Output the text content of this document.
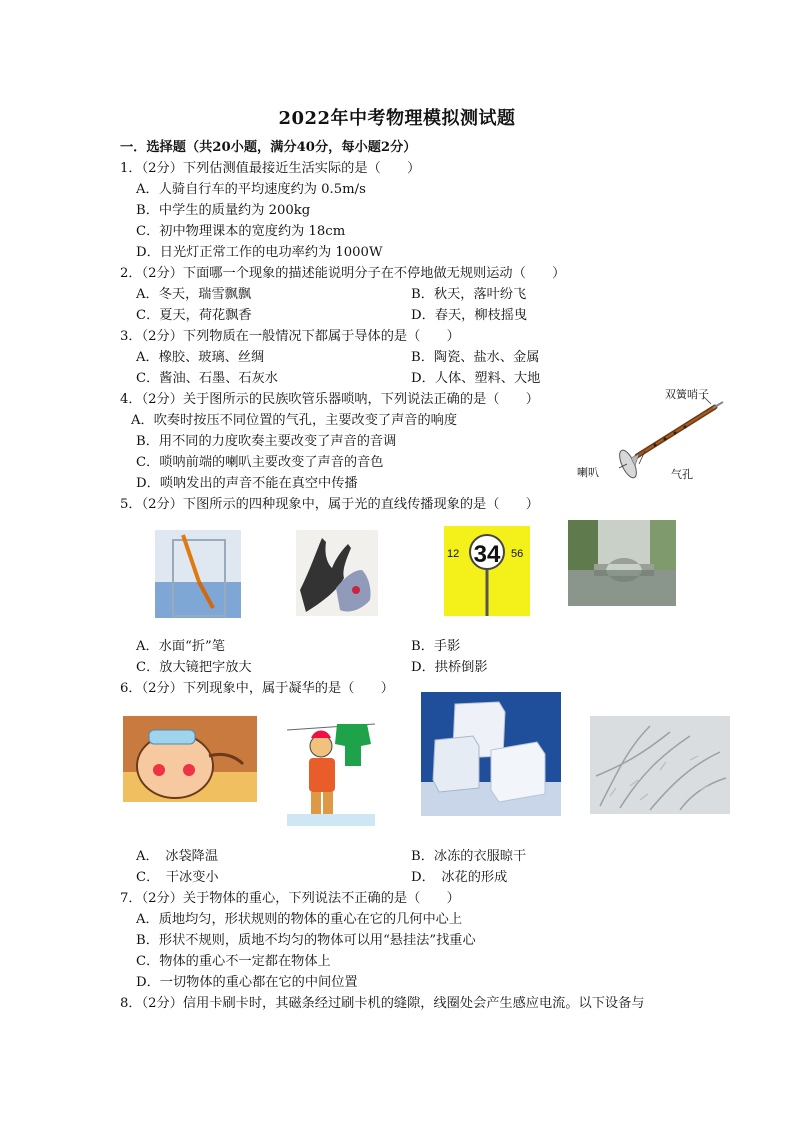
2022年中考物理模拟测试题
一．选择题（共20小题，满分40分，每小题2分）
1．（2分）下列估测值最接近生活实际的是（　　）
A．人骑自行车的平均速度约为 0.5m/s
B．中学生的质量约为 200kg
C．初中物理课本的宽度约为 18cm
D．日光灯正常工作的电功率约为 1000W
2．（2分）下面哪一个现象的描述能说明分子在不停地做无规则运动（　　）
A．冬天，瑞雪飘飘	B．秋天，落叶纷飞
C．夏天，荷花飘香	D．春天，柳枝摇曳
3．（2分）下列物质在一般情况下都属于导体的是（　　）
A．橡胶、玻璃、丝绸	B．陶瓷、盐水、金属
C．酱油、石墨、石灰水	D．人体、塑料、大地
4．（2分）关于图所示的民族吹管乐器唢呐，下列说法正确的是（　　）
A．吹奏时按压不同位置的气孔，主要改变了声音的响度
B．用不同的力度吹奏主要改变了声音的音调
C．唢呐前端的喇叭主要改变了声音的音色
D．唢呐发出的声音不能在真空中传播
双簧哨子
喇叭	气孔
5．（2分）下图所示的四种现象中，属于光的直线传播现象的是（　　）
12 34 56
A．水面“折”笔	B．手影
C．放大镜把字放大	D．拱桥倒影
6．（2分）下列现象中，属于凝华的是（　　）
A．　冰袋降温	B．冰冻的衣服晾干
C．　干冰变小	D．　冰花的形成
7．（2分）关于物体的重心，下列说法不正确的是（　　）
A．质地均匀，形状规则的物体的重心在它的几何中心上
B．形状不规则，质地不均匀的物体可以用“悬挂法”找重心
C．物体的重心不一定都在物体上
D．一切物体的重心都在它的中间位置
8．（2分）信用卡刷卡时，其磁条经过刷卡机的缝隙，线圈处会产生感应电流。以下设备与
